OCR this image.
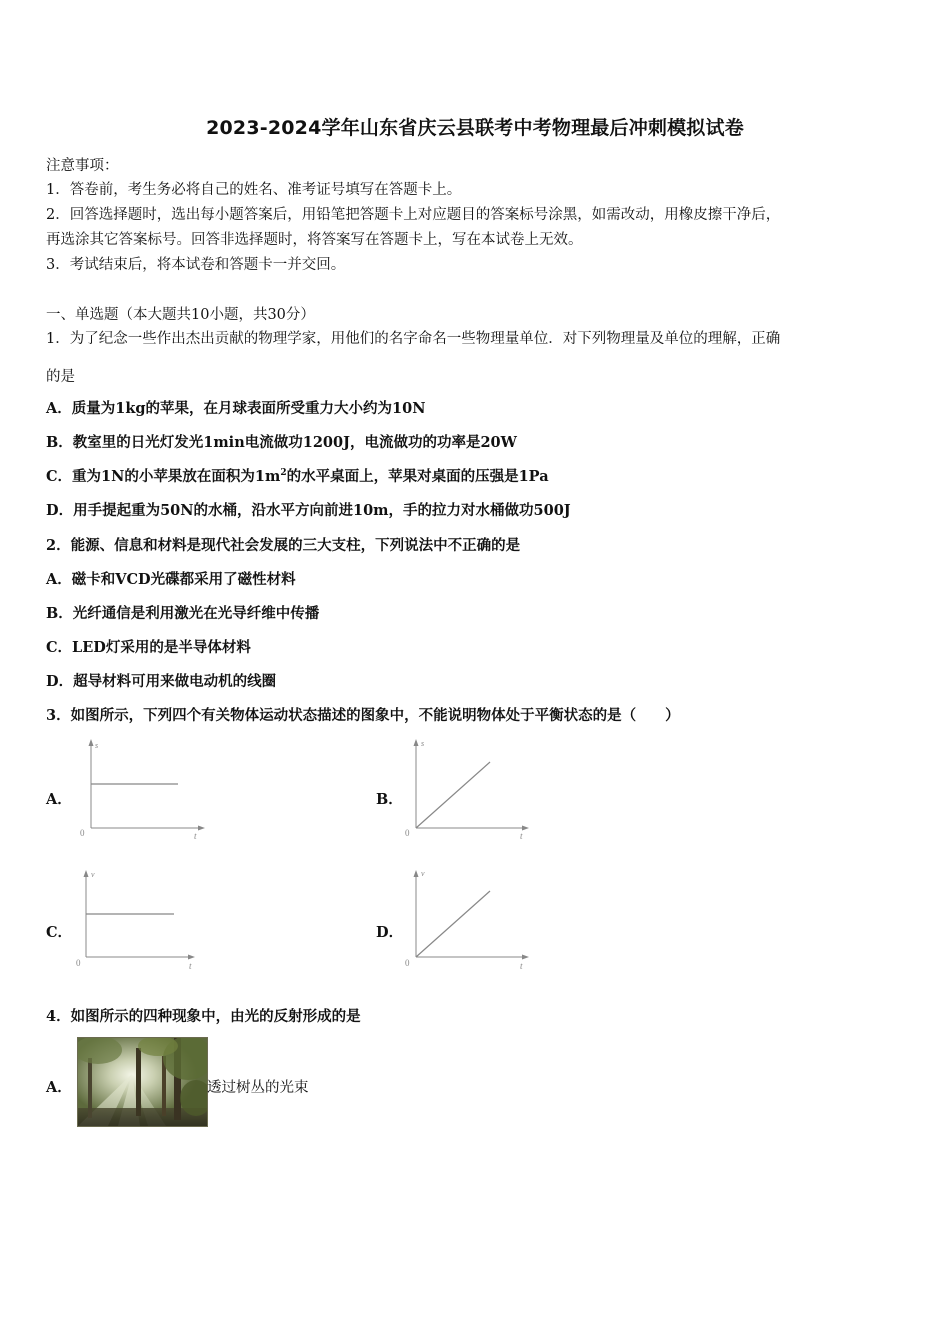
2023-2024学年山东省庆云县联考中考物理最后冲刺模拟试卷
注意事项：
1．答卷前，考生务必将自己的姓名、准考证号填写在答题卡上。
2．回答选择题时，选出每小题答案后，用铅笔把答题卡上对应题目的答案标号涂黑，如需改动，用橡皮擦干净后，
再选涂其它答案标号。回答非选择题时，将答案写在答题卡上，写在本试卷上无效。
3．考试结束后，将本试卷和答题卡一并交回。
一、单选题（本大题共10小题，共30分）
1．为了纪念一些作出杰出贡献的物理学家，用他们的名字命名一些物理量单位．对下列物理量及单位的理解，正确
的是
A．质量为1kg的苹果，在月球表面所受重力大小约为10N
B．教室里的日光灯发光1min电流做功1200J，电流做功的功率是20W
C．重为1N的小苹果放在面积为$1m^2$的水平桌面上，苹果对桌面的压强是1Pa
D．用手提起重为50N的水桶，沿水平方向前进10m，手的拉力对水桶做功500J
2．能源、信息和材料是现代社会发展的三大支柱，下列说法中不正确的是
A．磁卡和VCD光碟都采用了磁性材料
B．光纤通信是利用激光在光导纤维中传播
C．LED灯采用的是半导体材料
D．超导材料可用来做电动机的线圈
3．如图所示，下列四个有关物体运动状态描述的图象中，不能说明物体处于平衡状态的是（　　）
A．	B．
C．	D．
s
t
0
s
t
0
v
t
0
v
t
0
4．如图所示的四种现象中，由光的反射形成的是
A．	透过树丛的光束
